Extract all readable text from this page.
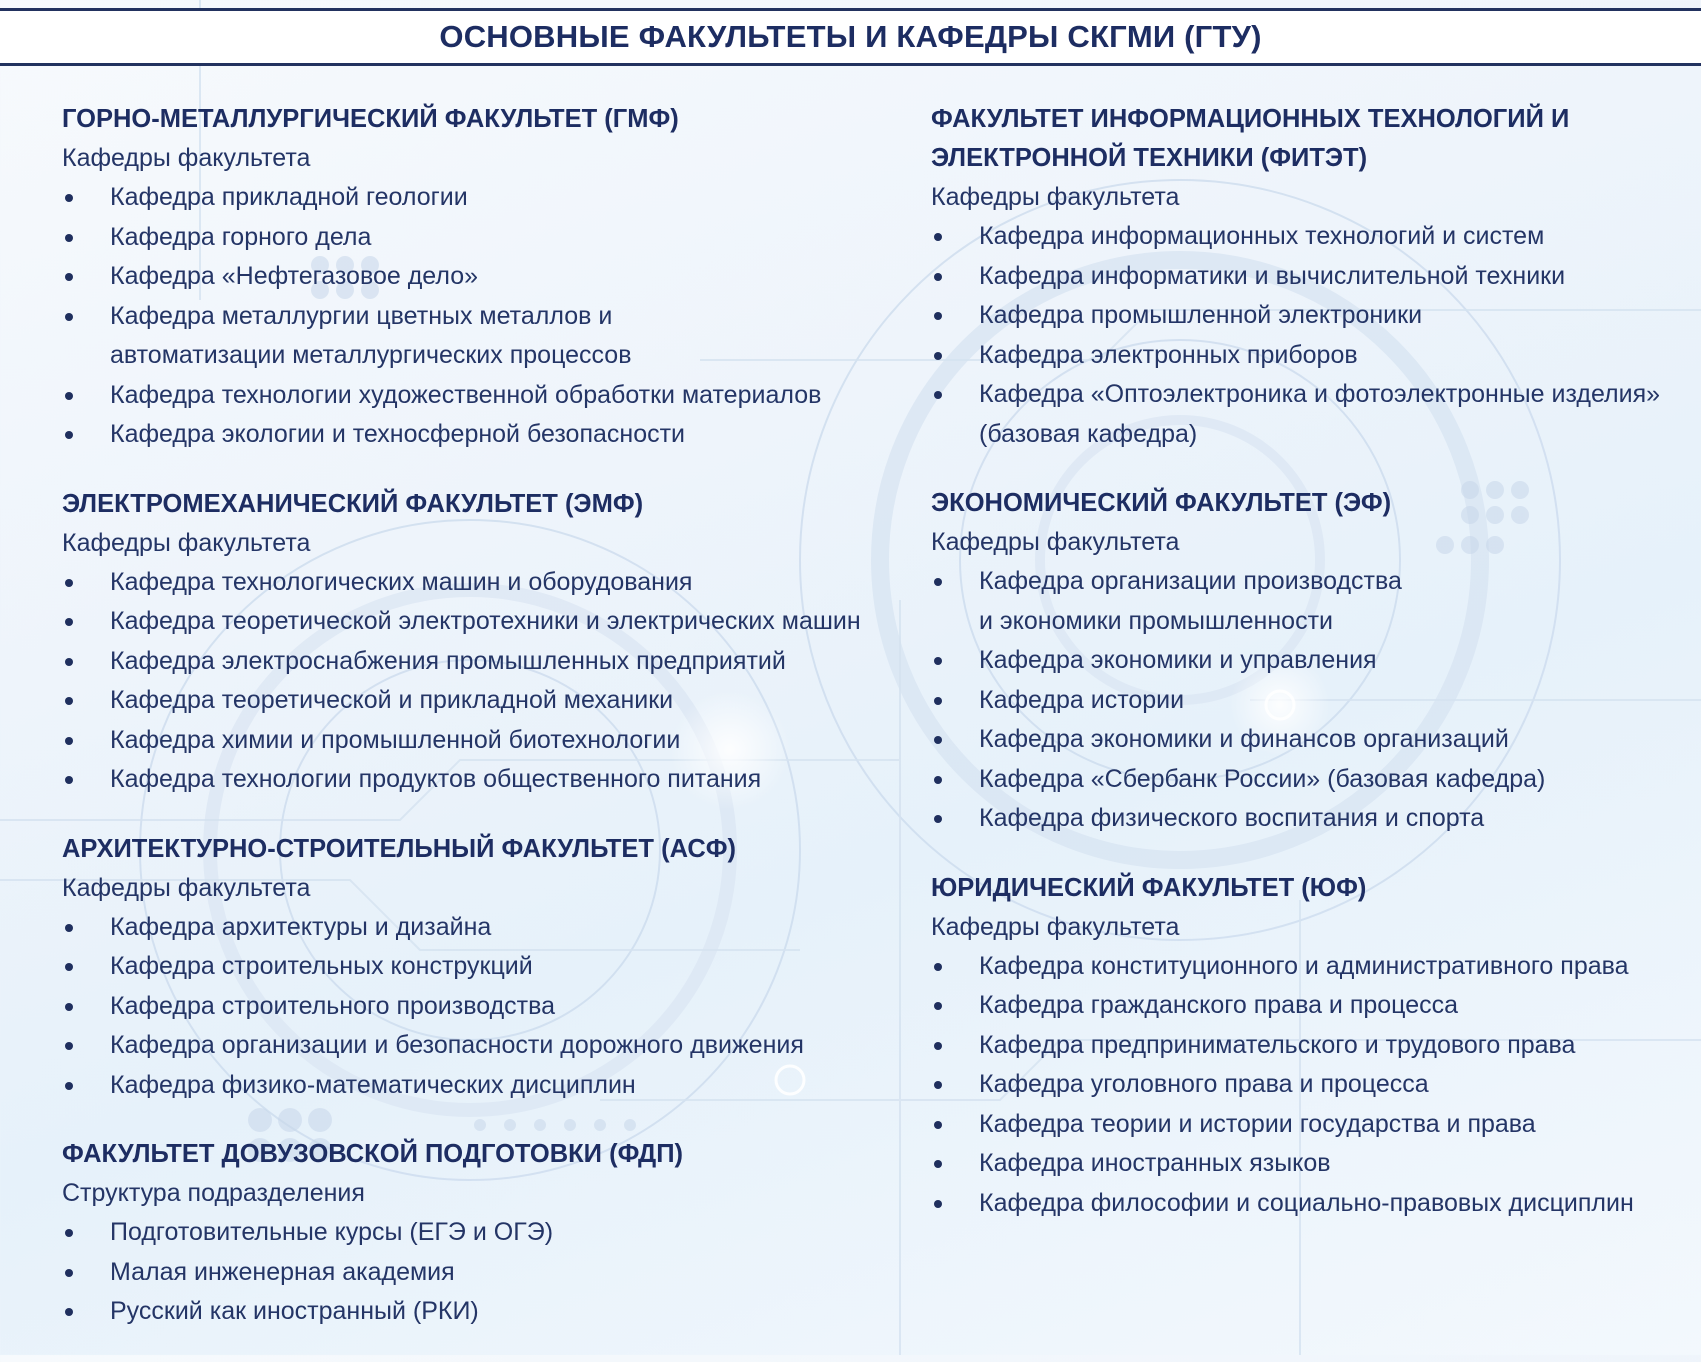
ОСНОВНЫЕ ФАКУЛЬТЕТЫ И КАФЕДРЫ СКГМИ (ГТУ)
ГОРНО-МЕТАЛЛУРГИЧЕСКИЙ ФАКУЛЬТЕТ (ГМФ)
Кафедры факультета
Кафедра прикладной геологии
Кафедра горного дела
Кафедра «Нефтегазовое дело»
Кафедра металлургии цветных металлов и автоматизации металлургических процессов
Кафедра технологии художественной обработки материалов
Кафедра экологии и техносферной безопасности
ЭЛЕКТРОМЕХАНИЧЕСКИЙ ФАКУЛЬТЕТ (ЭМФ)
Кафедры факультета
Кафедра технологических машин и оборудования
Кафедра теоретической электротехники и электрических машин
Кафедра электроснабжения промышленных предприятий
Кафедра теоретической и прикладной механики
Кафедра химии и промышленной биотехнологии
Кафедра технологии продуктов общественного питания
АРХИТЕКТУРНО-СТРОИТЕЛЬНЫЙ ФАКУЛЬТЕТ (АСФ)
Кафедры факультета
Кафедра архитектуры и дизайна
Кафедра строительных конструкций
Кафедра строительного производства
Кафедра организации и безопасности дорожного движения
Кафедра физико-математических дисциплин
ФАКУЛЬТЕТ ДОВУЗОВСКОЙ ПОДГОТОВКИ (ФДП)
Структура подразделения
Подготовительные курсы (ЕГЭ и ОГЭ)
Малая инженерная академия
Русский как иностранный (РКИ)
ФАКУЛЬТЕТ ИНФОРМАЦИОННЫХ ТЕХНОЛОГИЙ И ЭЛЕКТРОННОЙ ТЕХНИКИ (ФИТЭТ)
Кафедры факультета
Кафедра информационных технологий и систем
Кафедра информатики и вычислительной техники
Кафедра промышленной электроники
Кафедра электронных приборов
Кафедра «Оптоэлектроника и фотоэлектронные изделия» (базовая кафедра)
ЭКОНОМИЧЕСКИЙ ФАКУЛЬТЕТ (ЭФ)
Кафедры факультета
Кафедра организации производства и экономики промышленности
Кафедра экономики и управления
Кафедра истории
Кафедра экономики и финансов организаций
Кафедра «Сбербанк России» (базовая кафедра)
Кафедра физического воспитания и спорта
ЮРИДИЧЕСКИЙ ФАКУЛЬТЕТ (ЮФ)
Кафедры факультета
Кафедра конституционного и административного права
Кафедра гражданского права и процесса
Кафедра предпринимательского и трудового права
Кафедра уголовного права и процесса
Кафедра теории и истории государства и права
Кафедра иностранных языков
Кафедра философии и социально-правовых дисциплин
